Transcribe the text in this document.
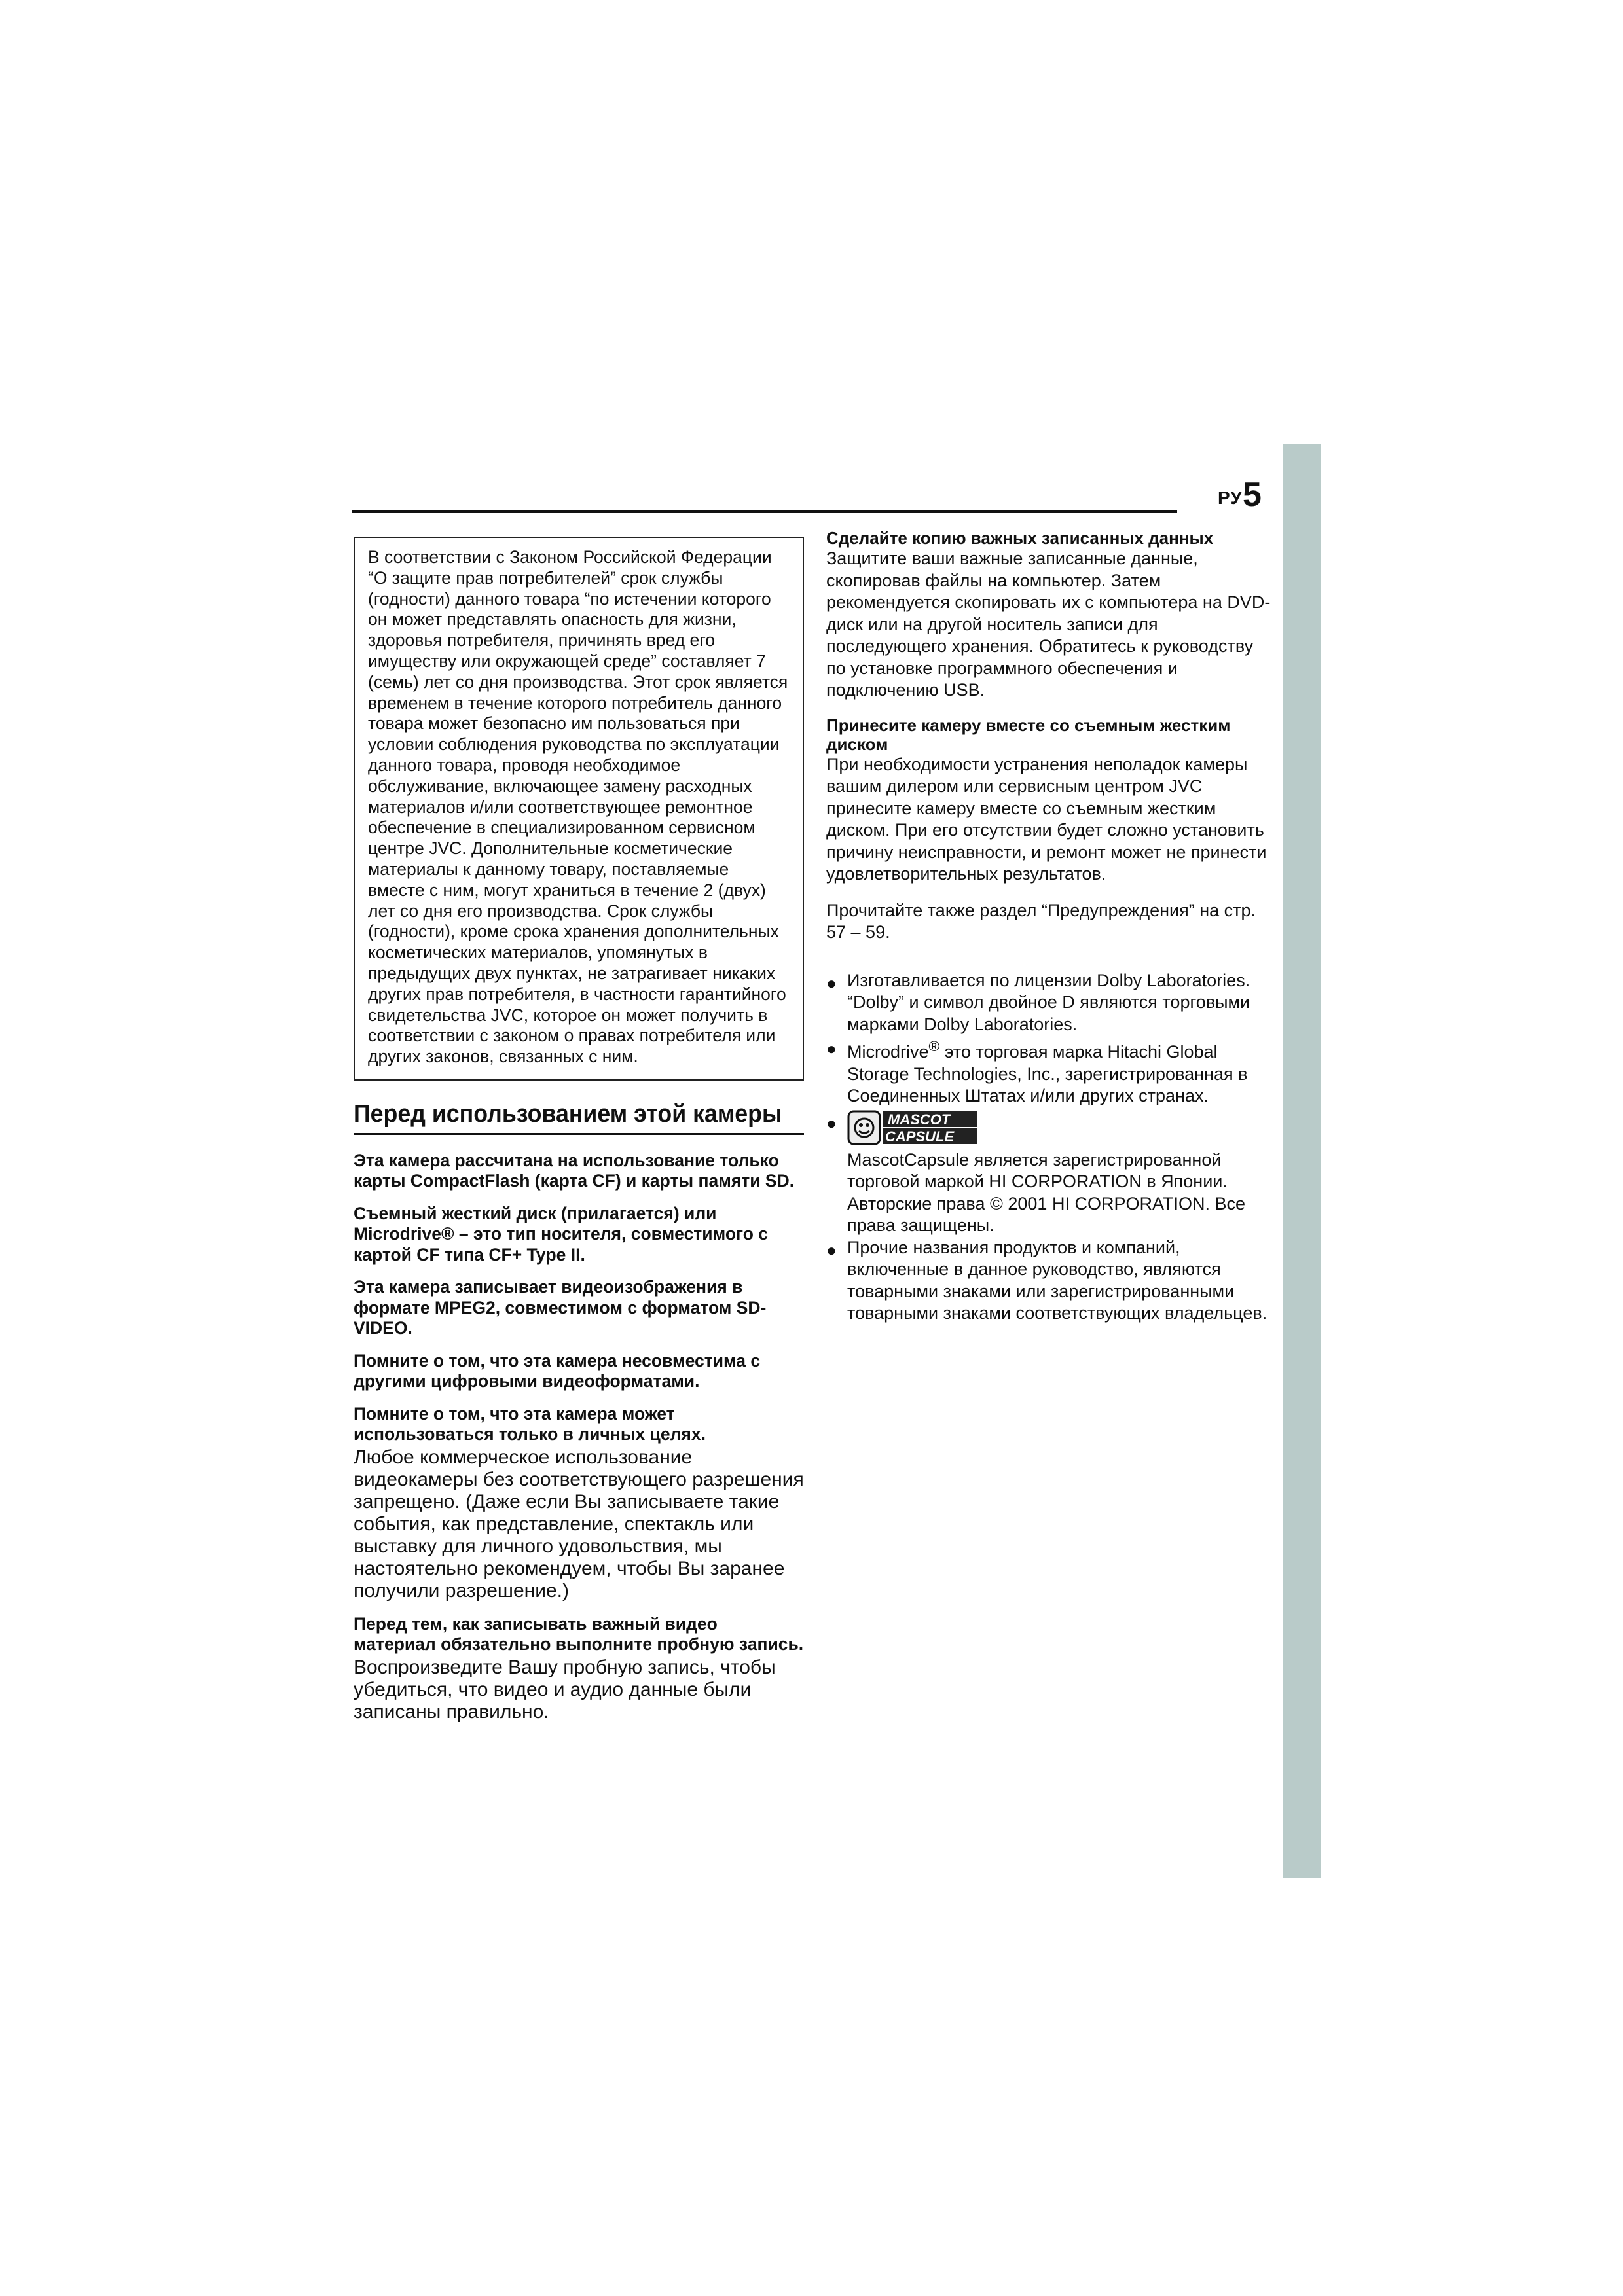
РУ 5

В соответствии с Законом Российской Федерации “О защите прав потребителей” срок службы (годности) данного товара “по истечении которого он может представлять опасность для жизни, здоровья потребителя, причинять вред его имуществу или окружающей среде” составляет 7 (семь) лет со дня производства. Этот срок является временем в течение которого потребитель данного товара может безопасно им пользоваться при условии соблюдения руководства по эксплуатации данного товара, проводя необходимое обслуживание, включающее замену расходных материалов и/или соответствующее ремонтное обеспечение в специализированном сервисном центре JVC. Дополнительные косметические материалы к данному товару, поставляемые вместе с ним, могут храниться в течение 2 (двух) лет со дня его производства. Срок службы (годности), кроме срока хранения дополнительных косметических материалов, упомянутых в предыдущих двух пунктах, не затрагивает никаких других прав потребителя, в частности гарантийного свидетельства JVC, которое он может получить в соответствии с законом о правах потребителя или других законов, связанных с ним.

Перед использованием этой камеры
Эта камера рассчитана на использование только карты CompactFlash (карта CF) и карты памяти SD.
Съемный жесткий диск (прилагается) или Microdrive® – это тип носителя, совместимого с картой CF типа CF+ Type II.
Эта камера записывает видеоизображения в формате MPEG2, совместимом с форматом SD-VIDEO.
Помните о том, что эта камера несовместима с другими цифровыми видеоформатами.
Помните о том, что эта камера может использоваться только в личных целях.
Любое коммерческое использование видеокамеры без соответствующего разрешения запрещено. (Даже если Вы записываете такие события, как представление, спектакль или выставку для личного удовольствия, мы настоятельно рекомендуем, чтобы Вы заранее получили разрешение.)
Перед тем, как записывать важный видео материал обязательно выполните пробную запись.
Воспроизведите Вашу пробную запись, чтобы убедиться, что видео и аудио данные были записаны правильно.
Сделайте копию важных записанных данных
Защитите ваши важные записанные данные, скопировав файлы на компьютер. Затем рекомендуется скопировать их с компьютера на DVD-диск или на другой носитель записи для последующего хранения. Обратитесь к руководству по установке программного обеспечения и подключению USB.
Принесите камеру вместе со съемным жестким диском
При необходимости устранения неполадок камеры вашим дилером или сервисным центром JVC принесите камеру вместе со съемным жестким диском. При его отсутствии будет сложно установить причину неисправности, и ремонт может не принести удовлетворительных результатов.
Прочитайте также раздел “Предупреждения” на стр. 57 – 59.
● Изготавливается по лицензии Dolby Laboratories. “Dolby” и символ двойное D являются торговыми марками Dolby Laboratories.
● Microdrive® это торговая марка Hitachi Global Storage Technologies, Inc., зарегистрированная в Соединенных Штатах и/или других странах.
●	MASCOT
CAPSULE
MascotCapsule является зарегистрированной торговой маркой HI CORPORATION в Японии. Авторские права © 2001 HI CORPORATION. Все права защищены.
● Прочие названия продуктов и компаний, включенные в данное руководство, являются товарными знаками или зарегистрированными товарными знаками соответствующих владельцев.
